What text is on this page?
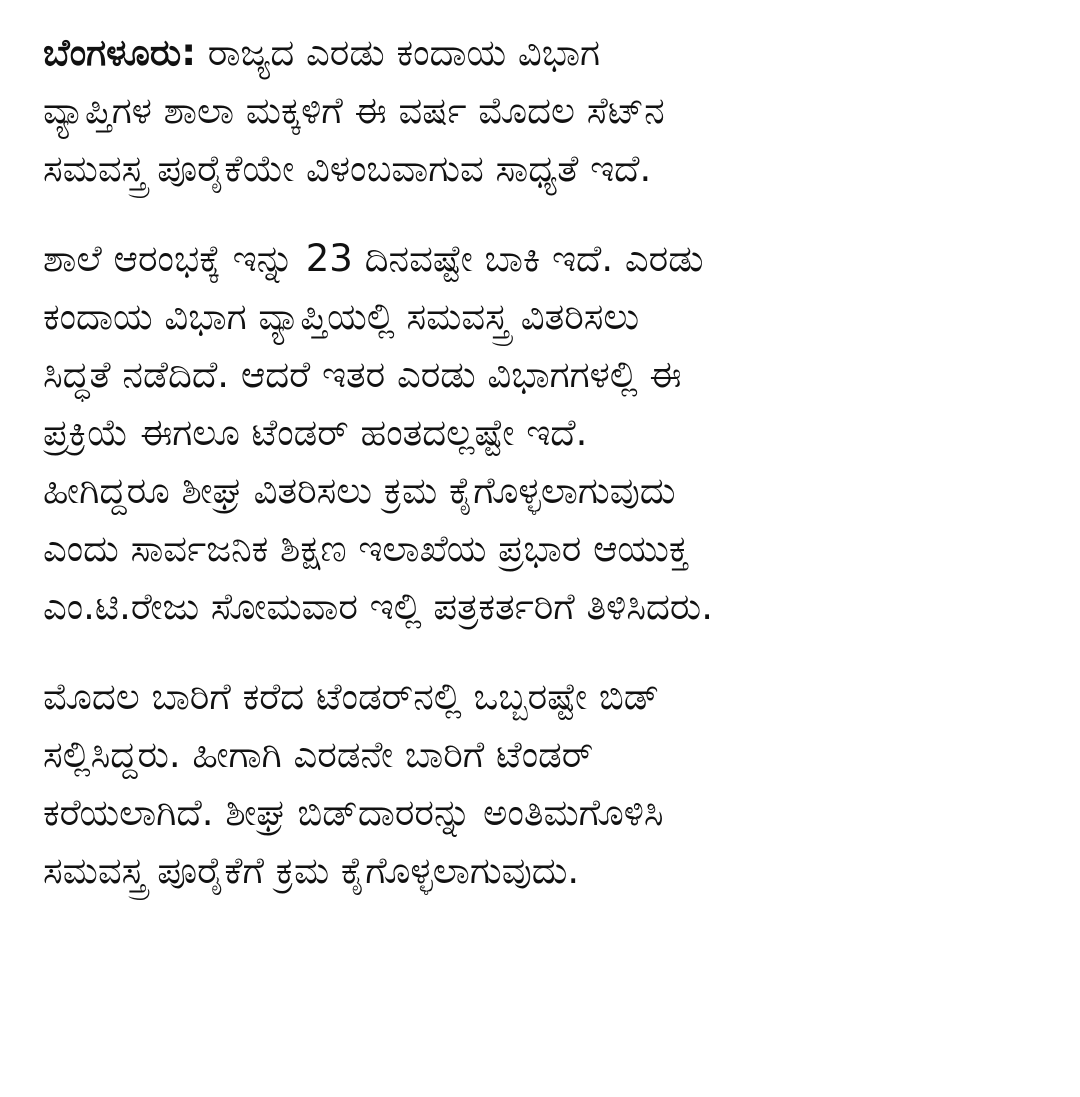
ಬೆಂಗಳೂರು: ರಾಜ್ಯದ ಎರಡು ಕಂದಾಯ ವಿಭಾಗ
ವ್ಯಾಪ್ತಿಗಳ ಶಾಲಾ ಮಕ್ಕಳಿಗೆ ಈ ವರ್ಷ ಮೊದಲ ಸೆಟ್‌ನ
ಸಮವಸ್ತ್ರ ಪೂರೈಕೆಯೇ ವಿಳಂಬವಾಗುವ ಸಾಧ್ಯತೆ ಇದೆ.
ಶಾಲೆ ಆರಂಭಕ್ಕೆ ಇನ್ನು 23 ದಿನವಷ್ಟೇ ಬಾಕಿ ಇದೆ. ಎರಡು
ಕಂದಾಯ ವಿಭಾಗ ವ್ಯಾಪ್ತಿಯಲ್ಲಿ ಸಮವಸ್ತ್ರ ವಿತರಿಸಲು
ಸಿದ್ಧತೆ ನಡೆದಿದೆ. ಆದರೆ ಇತರ ಎರಡು ವಿಭಾಗಗಳಲ್ಲಿ ಈ
ಪ್ರಕ್ರಿಯೆ ಈಗಲೂ ಟೆಂಡರ್ ಹಂತದಲ್ಲಷ್ಟೇ ಇದೆ.
ಹೀಗಿದ್ದರೂ ಶೀಘ್ರ ವಿತರಿಸಲು ಕ್ರಮ ಕೈಗೊಳ್ಳಲಾಗುವುದು
ಎಂದು ಸಾರ್ವಜನಿಕ ಶಿಕ್ಷಣ ಇಲಾಖೆಯ ಪ್ರಭಾರ ಆಯುಕ್ತ
ಎಂ.ಟಿ.ರೇಜು ಸೋಮವಾರ ಇಲ್ಲಿ ಪತ್ರಕರ್ತರಿಗೆ ತಿಳಿಸಿದರು.
ಮೊದಲ ಬಾರಿಗೆ ಕರೆದ ಟೆಂಡರ್‌ನಲ್ಲಿ ಒಬ್ಬರಷ್ಟೇ ಬಿಡ್
ಸಲ್ಲಿಸಿದ್ದರು. ಹೀಗಾಗಿ ಎರಡನೇ ಬಾರಿಗೆ ಟೆಂಡರ್
ಕರೆಯಲಾಗಿದೆ. ಶೀಘ್ರ ಬಿಡ್‌ದಾರರನ್ನು ಅಂತಿಮಗೊಳಿಸಿ
ಸಮವಸ್ತ್ರ ಪೂರೈಕೆಗೆ ಕ್ರಮ ಕೈಗೊಳ್ಳಲಾಗುವುದು.
